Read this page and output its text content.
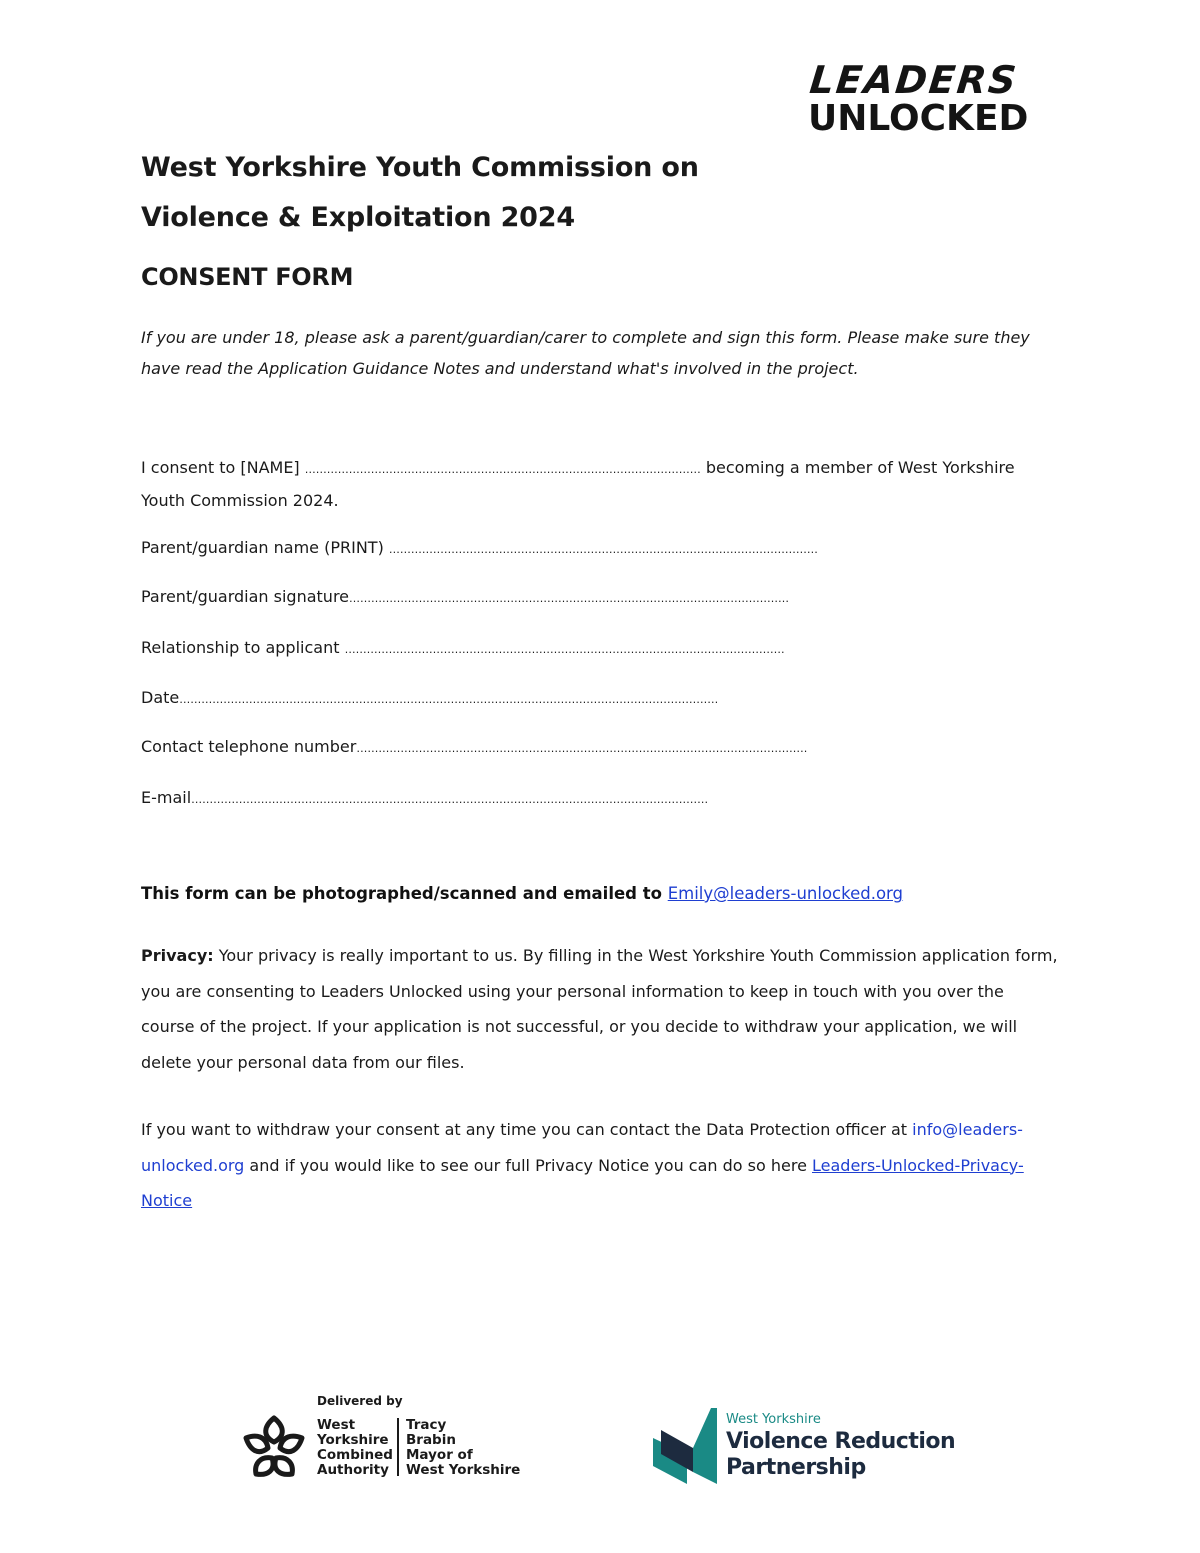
LEADERS
UNLOCKED
West Yorkshire Youth Commission on
Violence & Exploitation 2024
CONSENT FORM

If you are under 18, please ask a parent/guardian/carer to complete and sign this form. Please make sure they have read the Application Guidance Notes and understand what's involved in the project.

I consent to [NAME] ……………………………………………………………………………………………… becoming a member of West Yorkshire Youth Commission 2024.
Parent/guardian name (PRINT) ………………………………………………………………………………………………………
Parent/guardian signature…………………………………………………………………………………………………………
Relationship to applicant …………………………………………………………………………………………………………
Date…………………………………………………………………………………………………………………………………
Contact telephone number……………………………………………………………………………………………………………
E-mail……………………………………………………………………………………………………………………………
This form can be photographed/scanned and emailed to Emily@leaders-unlocked.org

Privacy: Your privacy is really important to us. By filling in the West Yorkshire Youth Commission application form, you are consenting to Leaders Unlocked using your personal information to keep in touch with you over the course of the project. If your application is not successful, or you decide to withdraw your application, we will delete your personal data from our files.

If you want to withdraw your consent at any time you can contact the Data Protection officer at info@leaders-unlocked.org and if you would like to see our full Privacy Notice you can do so here Leaders-Unlocked-Privacy-Notice

Delivered by
West
Yorkshire
Combined
Authority
Tracy
Brabin
Mayor of
West Yorkshire
West Yorkshire
Violence Reduction
Partnership
